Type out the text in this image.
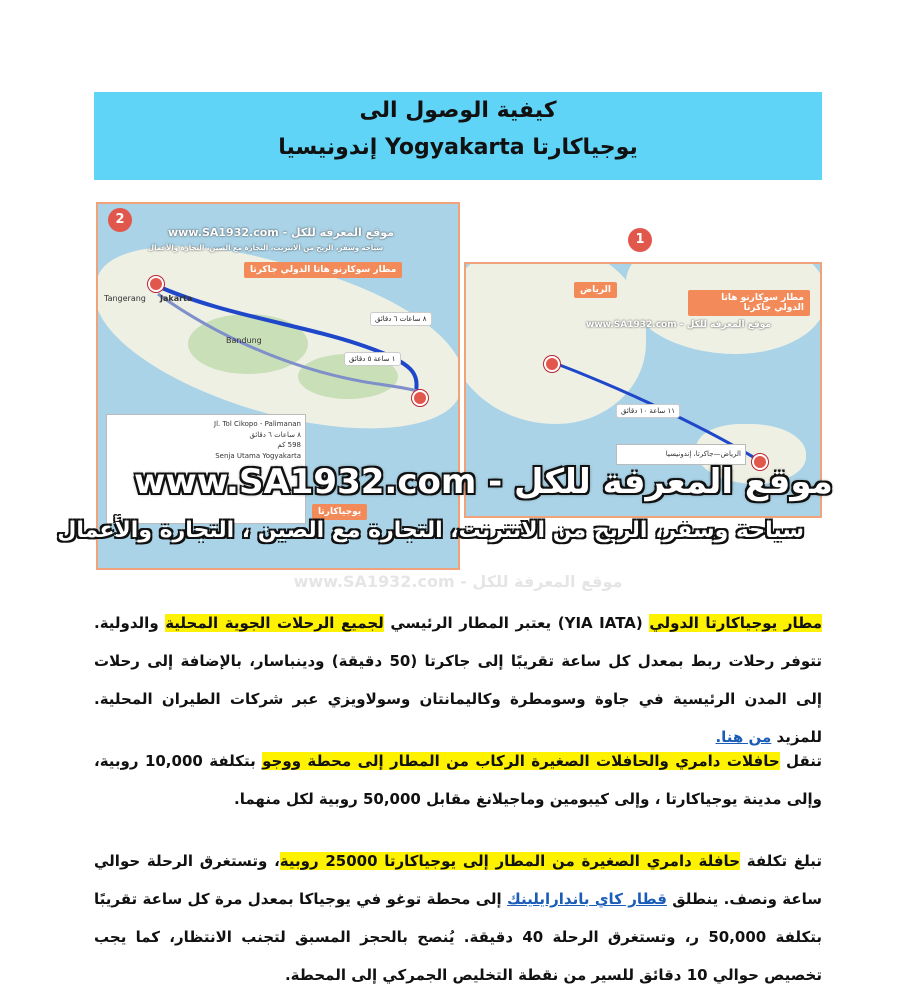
كيفية الوصول الى
يوجياكارتا Yogyakarta إندونيسيا
موقع المعرفة للكل - www.SA1932.com
سياحة وسفر، الربح من الانترنت، التجارة مع الصين، التجارة والأعمال
مطار سوكارنو هاتا الدولي جاكرتا
Jakarta
Tangerang
Bandung
٨ ساعات ٦ دقائق
١ ساعة ٥ دقائق
يوجياكارتا
Jl. Tol Cikopo - Palimanan
٨ ساعات ٦ دقائق
598 كم
Senja Utama Yogyakarta
الرياض
مطار سوكارنو هاتا الدولي جاكرتا
موقع المعرفة للكل - www.SA1932.com
١١ ساعة ١٠ دقائق
الرياض—جاكرتا، إندونيسيا
2
1
www.SA1932.com - موقع المعرفة للكل
سياحة وسفر، الربح من الانترنت، التجارة مع الصين ، التجارة والأعمال
موقع المعرفة للكل - www.SA1932.com
مطار يوجياكارتا الدولي (YIA IATA) يعتبر المطار الرئيسي لجميع الرحلات الجوية المحلية والدولية. تتوفر رحلات ربط بمعدل كل ساعة تقريبًا إلى جاكرتا (50 دقيقة) ودينباسار، بالإضافة إلى رحلات إلى المدن الرئيسية في جاوة وسومطرة وكاليمانتان وسولاويزي عبر شركات الطيران المحلية. للمزيد من هنا.
تنقل حافلات دامري والحافلات الصغيرة الركاب من المطار إلى محطة ووجو بتكلفة 10,000 روبية، وإلى مدينة يوجياكارتا ، وإلى كيبومين وماجيلانغ مقابل 50,000 روبية لكل منهما.
تبلغ تكلفة حافلة دامري الصغيرة من المطار إلى يوجياكارتا 25000 روبية، وتستغرق الرحلة حوالي ساعة ونصف. ينطلق قطار كاي باندارايلينك إلى محطة توغو في يوجياكا بمعدل مرة كل ساعة تقريبًا بتكلفة 50,000 ر، وتستغرق الرحلة 40 دقيقة. يُنصح بالحجز المسبق لتجنب الانتظار، كما يجب تخصيص حوالي 10 دقائق للسير من نقطة التخليص الجمركي إلى المحطة.
